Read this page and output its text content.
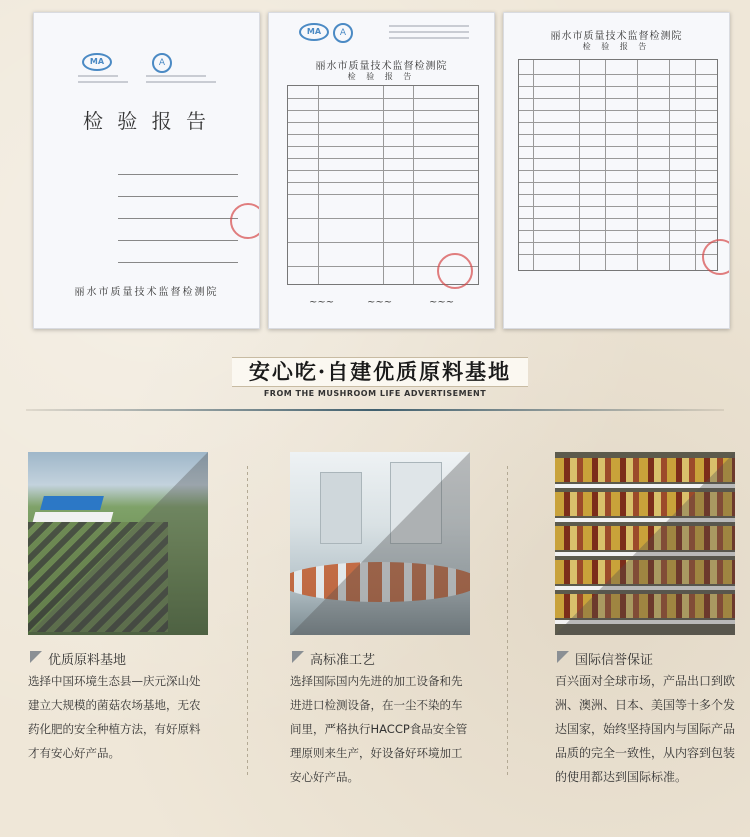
MA	A
检 验 报 告
丽水市质量技术监督检测院
MA	A
丽水市质量技术监督检测院
检 验 报 告
~~~	~~~	~~~
丽水市质量技术监督检测院
检 验 报 告
安心吃·自建优质原料基地
FROM THE MUSHROOM LIFE ADVERTISEMENT
优质原料基地
选择中国环境生态县—庆元深山处建立大规模的菌菇农场基地，无农药化肥的安全种植方法，有好原料才有安心好产品。
高标准工艺
选择国际国内先进的加工设备和先进进口检测设备，在一尘不染的车间里，严格执行HACCP食品安全管理原则来生产，好设备好环境加工安心好产品。
国际信誉保证
百兴面对全球市场，产品出口到欧洲、澳洲、日本、美国等十多个发达国家，始终坚持国内与国际产品品质的完全一致性，从内容到包装的使用都达到国际标准。
